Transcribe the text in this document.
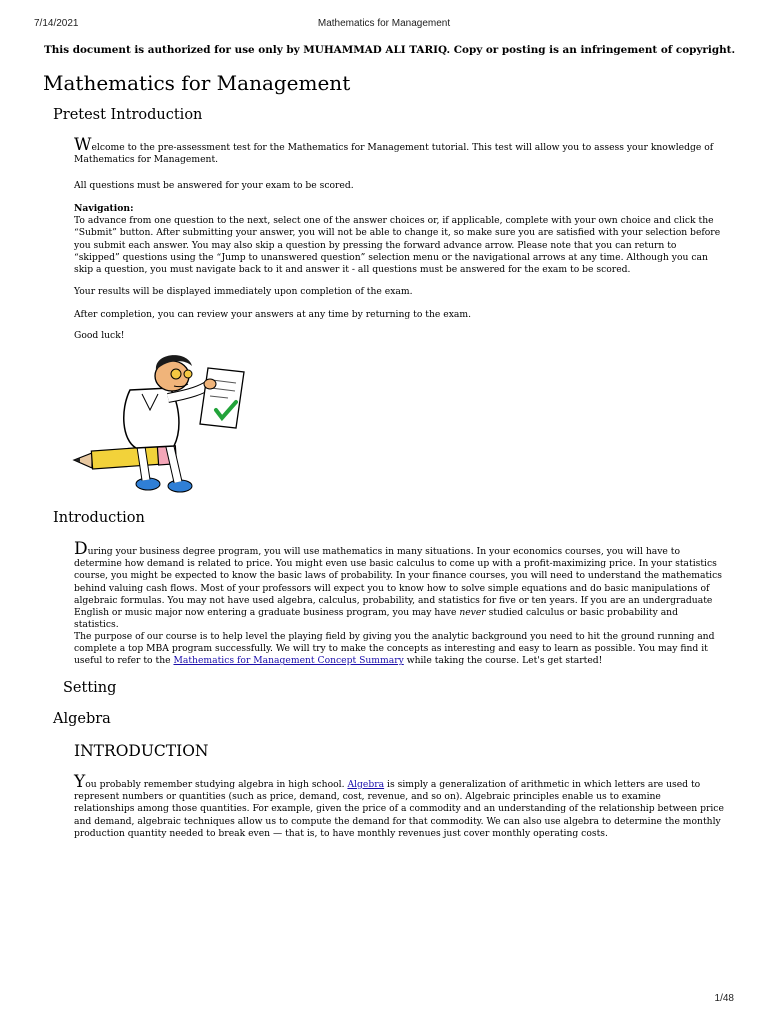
7/14/2021	Mathematics for Management
This document is authorized for use only by MUHAMMAD ALI TARIQ. Copy or posting is an infringement of copyright.
Mathematics for Management
Pretest Introduction

Welcome to the pre-assessment test for the Mathematics for Management tutorial. This test will allow you to assess your knowledge of Mathematics for Management.

All questions must be answered for your exam to be scored.

Navigation:
To advance from one question to the next, select one of the answer choices or, if applicable, complete with your own choice and click the “Submit” button. After submitting your answer, you will not be able to change it, so make sure you are satisfied with your selection before you submit each answer. You may also skip a question by pressing the forward advance arrow. Please note that you can return to “skipped” questions using the “Jump to unanswered question” selection menu or the navigational arrows at any time. Although you can skip a question, you must navigate back to it and answer it - all questions must be answered for the exam to be scored.

Your results will be displayed immediately upon completion of the exam.

After completion, you can review your answers at any time by returning to the exam.

Good luck!

Introduction

During your business degree program, you will use mathematics in many situations. In your economics courses, you will have to determine how demand is related to price. You might even use basic calculus to come up with a profit-maximizing price. In your statistics course, you might be expected to know the basic laws of probability. In your finance courses, you will need to understand the mathematics behind valuing cash flows. Most of your professors will expect you to know how to solve simple equations and do basic manipulations of algebraic formulas. You may not have used algebra, calculus, probability, and statistics for five or ten years. If you are an undergraduate English or music major now entering a graduate business program, you may have never studied calculus or basic probability and statistics.

The purpose of our course is to help level the playing field by giving you the analytic background you need to hit the ground running and complete a top MBA program successfully. We will try to make the concepts as interesting and easy to learn as possible. You may find it useful to refer to the Mathematics for Management Concept Summary while taking the course. Let's get started!

Setting
Algebra
INTRODUCTION

You probably remember studying algebra in high school. Algebra is simply a generalization of arithmetic in which letters are used to represent numbers or quantities (such as price, demand, cost, revenue, and so on). Algebraic principles enable us to examine relationships among those quantities. For example, given the price of a commodity and an understanding of the relationship between price and demand, algebraic techniques allow us to compute the demand for that commodity. We can also use algebra to determine the monthly production quantity needed to break even — that is, to have monthly revenues just cover monthly operating costs.

1/48
